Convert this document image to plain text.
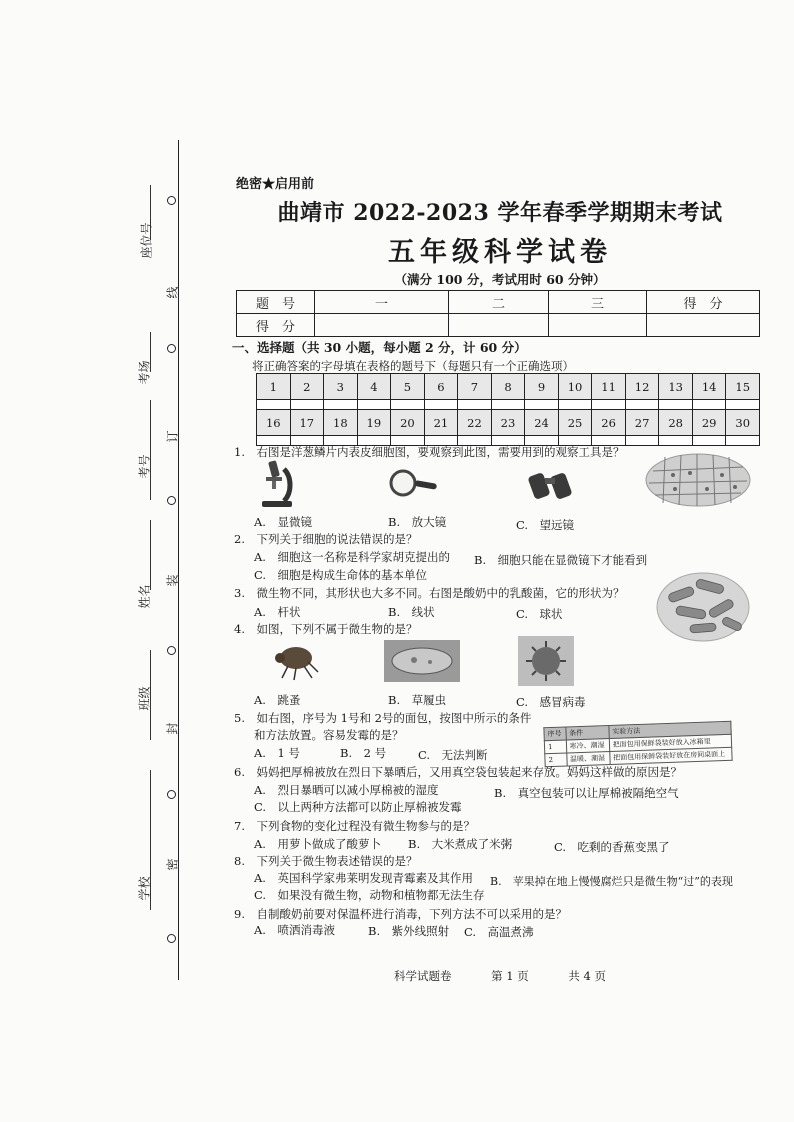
座位号
线
考场
订
考号
装
姓名
班级
封
密
学校
绝密★启用前
曲靖市 2022-2023 学年春季学期期末考试
五年级科学试卷
（满分 100 分，考试用时 60 分钟）
题　号	一	二	三	得　分
得　分				
一、选择题（共 30 小题，每小题 2 分，计 60 分）
将正确答案的字母填在表格的题号下（每题只有一个正确选项）
1	2	3	4	5	6	7	8	9	10	11	12	13	14	15

16	17	18	19	20	21	22	23	24	25	26	27	28	29	30

1.　右图是洋葱鳞片内表皮细胞图，要观察到此图，需要用到的观察工具是？
A.　显微镜	B.　放大镜	C.　望远镜
2.　下列关于细胞的说法错误的是？
A.　细胞这一名称是科学家胡克提出的 B.　细胞只能在显微镜下才能看到
C.　细胞是构成生命体的基本单位
3.　微生物不同，其形状也大多不同。右图是酸奶中的乳酸菌，它的形状为？
A.　杆状	B.　线状	C.　球状
4.　如图，下列不属于微生物的是？
A.　跳蚤	B.　草履虫	C.　感冒病毒
5.　如右图，序号为 1号和 2号的面包，按图中所示的条件
和方法放置。容易发霉的是？	序号	条件	实验方法
1	寒冷、潮湿	把面包用保鲜袋装好放入冰箱里
2	温暖、潮湿	把面包用保鲜袋装好放在房间桌面上
A.　1 号	B.　2 号	C.　无法判断
6.　妈妈把厚棉被放在烈日下暴晒后，又用真空袋包装起来存放。妈妈这样做的原因是？
A.　烈日暴晒可以减小厚棉被的湿度	B.　真空包装可以让厚棉被隔绝空气
C.　以上两种方法都可以防止厚棉被发霉
7.　下列食物的变化过程没有微生物参与的是？
A.　用萝卜做成了酸萝卜 B.　大米煮成了米粥	C.　吃剩的香蕉变黑了
8.　下列关于微生物表述错误的是？
A.　英国科学家弗莱明发现青霉素及其作用 B.　苹果掉在地上慢慢腐烂只是微生物“过”的表现
C.　如果没有微生物，动物和植物都无法生存
9.　自制酸奶前要对保温杯进行消毒，下列方法不可以采用的是？
A.　喷洒消毒液	B.　紫外线照射 C.　高温煮沸
科学试题卷	第 1 页	共 4 页
